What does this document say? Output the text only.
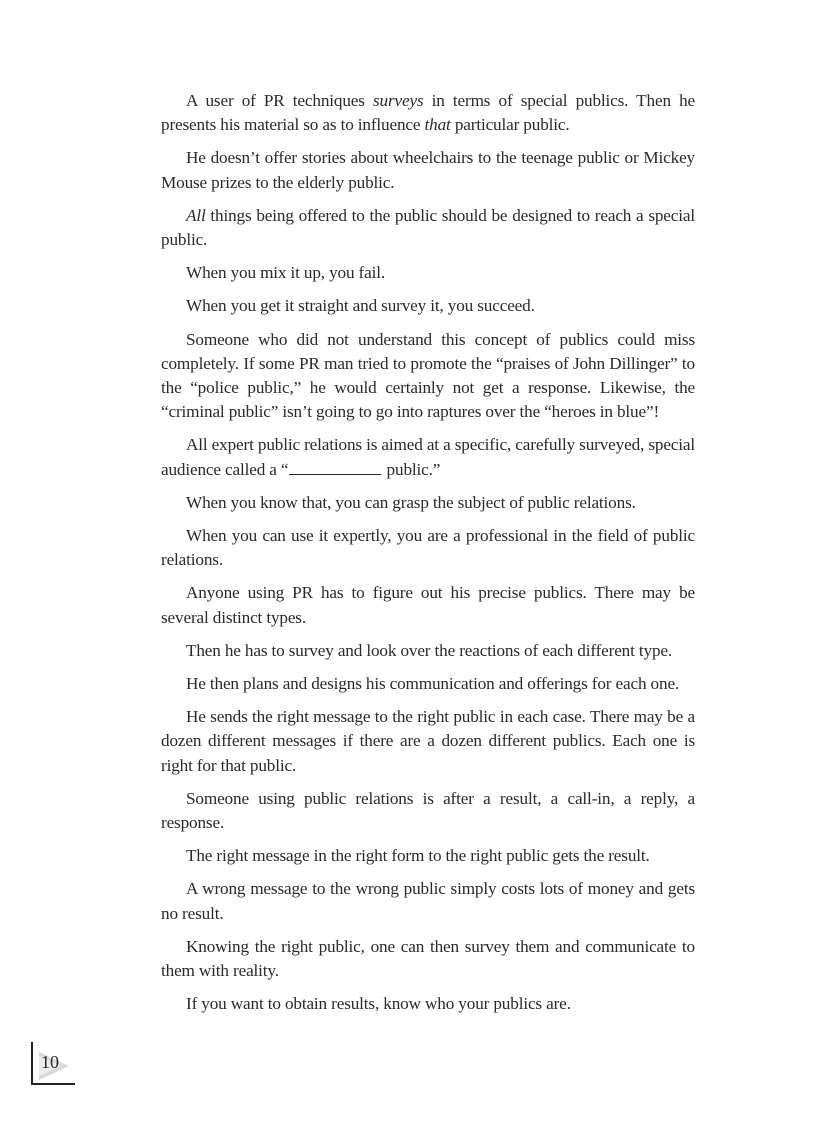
A user of PR techniques surveys in terms of special publics. Then he presents his material so as to influence that particular public.

He doesn’t offer stories about wheelchairs to the teenage public or Mickey Mouse prizes to the elderly public.

All things being offered to the public should be designed to reach a special public.

When you mix it up, you fail.

When you get it straight and survey it, you succeed.

Someone who did not understand this concept of publics could miss completely. If some PR man tried to promote the “praises of John Dillinger” to the “police public,” he would certainly not get a response. Likewise, the “criminal public” isn’t going to go into raptures over the “heroes in blue”!

All expert public relations is aimed at a specific, carefully surveyed, special audience called a “	public.”

When you know that, you can grasp the subject of public relations.

When you can use it expertly, you are a professional in the field of public relations.

Anyone using PR has to figure out his precise publics. There may be several distinct types.

Then he has to survey and look over the reactions of each different type.

He then plans and designs his communication and offerings for each one.

He sends the right message to the right public in each case. There may be a dozen different messages if there are a dozen different publics. Each one is right for that public.

Someone using public relations is after a result, a call-in, a reply, a response.

The right message in the right form to the right public gets the result.

A wrong message to the wrong public simply costs lots of money and gets no result.

Knowing the right public, one can then survey them and communicate to them with reality.

If you want to obtain results, know who your publics are.

10
